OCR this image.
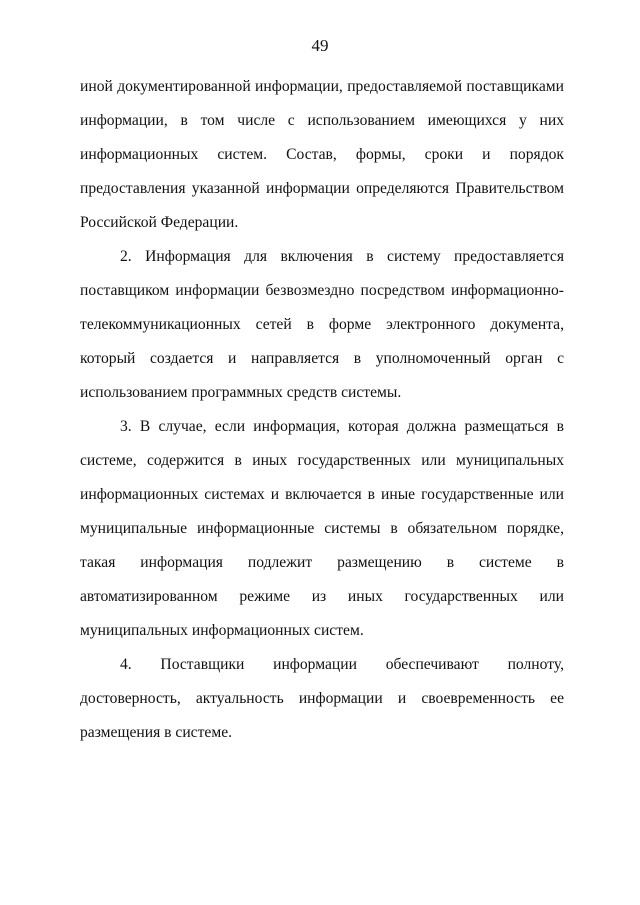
49

иной документированной информации, предоставляемой поставщиками информации, в том числе с использованием имеющихся у них информационных систем. Состав, формы, сроки и порядок предоставления указанной информации определяются Правительством Российской Федерации.

2. Информация для включения в систему предоставляется поставщиком информации безвозмездно посредством информационно-телекоммуникационных сетей в форме электронного документа, который создается и направляется в уполномоченный орган с использованием программных средств системы.

3. В случае, если информация, которая должна размещаться в системе, содержится в иных государственных или муниципальных информационных системах и включается в иные государственные или муниципальные информационные системы в обязательном порядке, такая информация подлежит размещению в системе в автоматизированном режиме из иных государственных или муниципальных информационных систем.

4. Поставщики информации обеспечивают полноту, достоверность, актуальность информации и своевременность ее размещения в системе.
